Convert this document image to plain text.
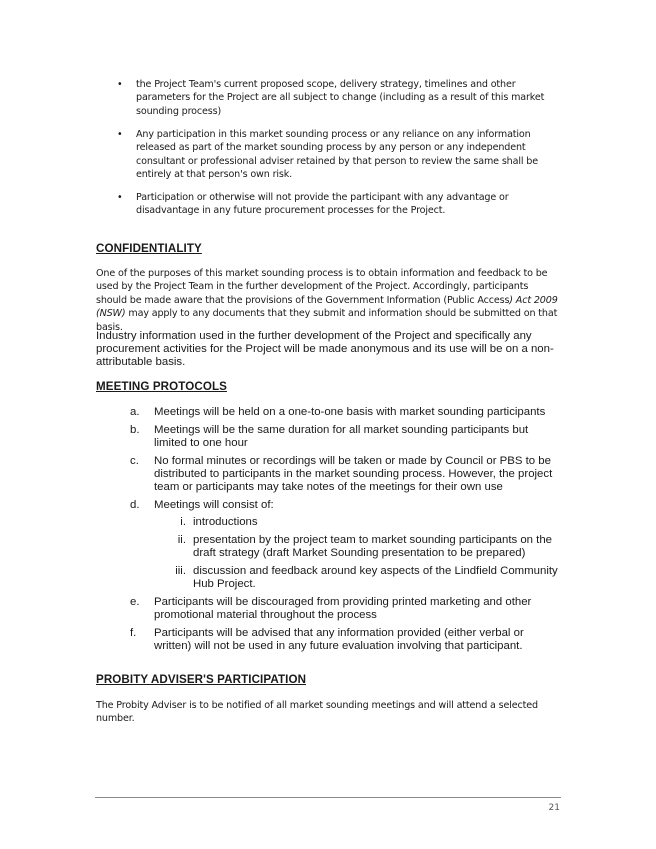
• the Project Team's current proposed scope, delivery strategy, timelines and other parameters for the Project are all subject to change (including as a result of this market sounding process)
• Any participation in this market sounding process or any reliance on any information released as part of the market sounding process by any person or any independent consultant or professional adviser retained by that person to review the same shall be entirely at that person's own risk.
• Participation or otherwise will not provide the participant with any advantage or disadvantage in any future procurement processes for the Project.
CONFIDENTIALITY

One of the purposes of this market sounding process is to obtain information and feedback to be used by the Project Team in the further development of the Project. Accordingly, participants should be made aware that the provisions of the Government Information (Public Access) Act 2009 (NSW) may apply to any documents that they submit and information should be submitted on that basis.

Industry information used in the further development of the Project and specifically any procurement activities for the Project will be made anonymous and its use will be on a non-attributable basis.

MEETING PROTOCOLS
a.	Meetings will be held on a one-to-one basis with market sounding participants
b.	Meetings will be the same duration for all market sounding participants but limited to one hour
c.	No formal minutes or recordings will be taken or made by Council or PBS to be distributed to participants in the market sounding process. However, the project team or participants may take notes of the meetings for their own use
d.	Meetings will consist of:
i. introductions
ii. presentation by the project team to market sounding participants on the draft strategy (draft Market Sounding presentation to be prepared)
iii. discussion and feedback around key aspects of the Lindfield Community Hub Project.
e.	Participants will be discouraged from providing printed marketing and other promotional material throughout the process
f.	Participants will be advised that any information provided (either verbal or written) will not be used in any future evaluation involving that participant.
PROBITY ADVISER'S PARTICIPATION

The Probity Adviser is to be notified of all market sounding meetings and will attend a selected number.

21
